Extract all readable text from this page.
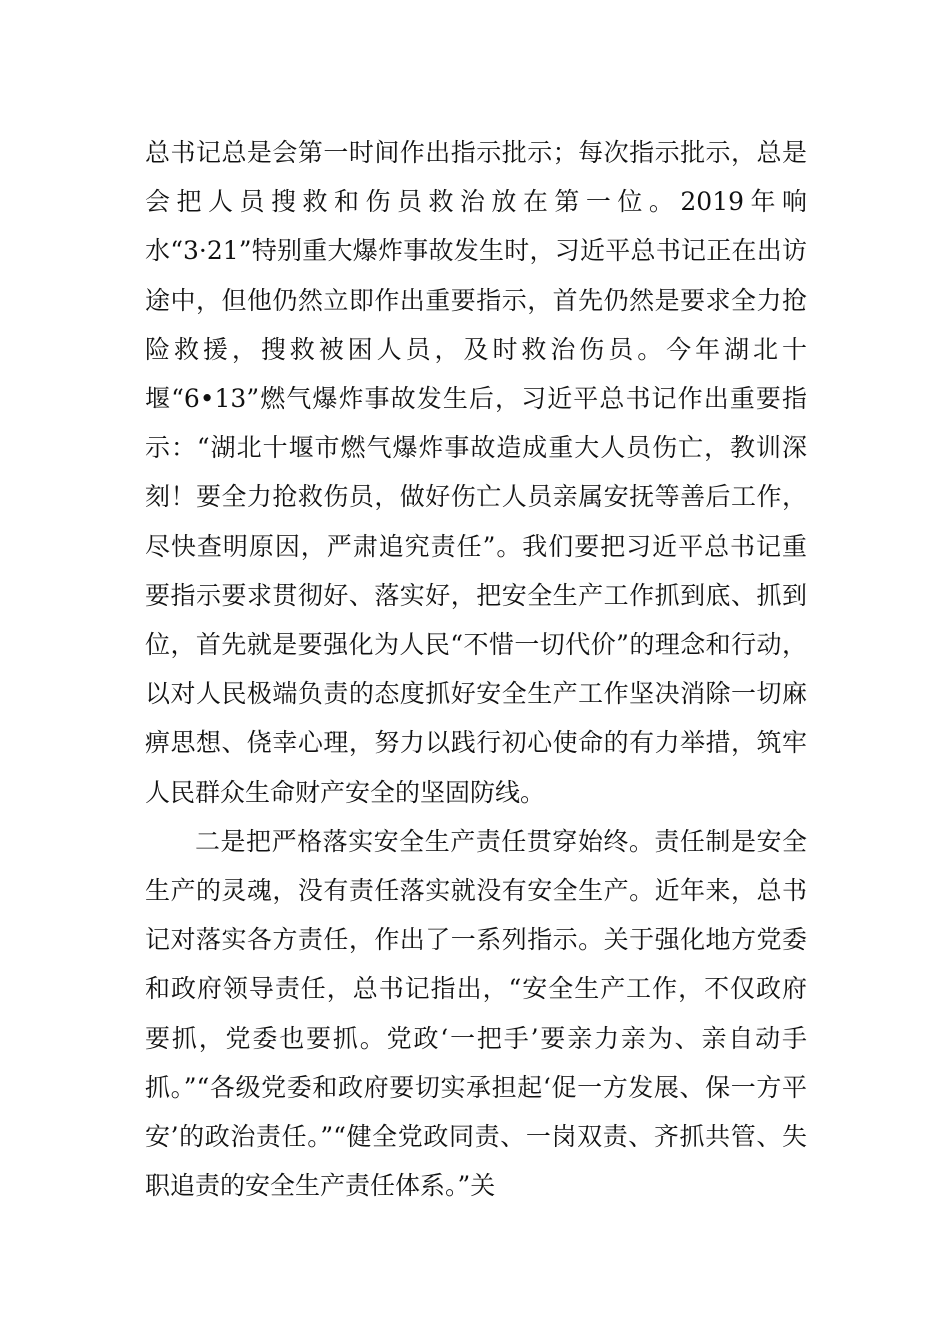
总书记总是会第一时间作出指示批示；每次指示批示，总是会把人员搜救和伤员救治放在第一位。2019年响水“3·21”特别重大爆炸事故发生时，习近平总书记正在出访途中，但他仍然立即作出重要指示，首先仍然是要求全力抢险救援，搜救被困人员，及时救治伤员。今年湖北十堰“6•13”燃气爆炸事故发生后，习近平总书记作出重要指示：“湖北十堰市燃气爆炸事故造成重大人员伤亡，教训深刻！要全力抢救伤员，做好伤亡人员亲属安抚等善后工作，尽快查明原因，严肃追究责任”。我们要把习近平总书记重要指示要求贯彻好、落实好，把安全生产工作抓到底、抓到位，首先就是要强化为人民“不惜一切代价”的理念和行动，以对人民极端负责的态度抓好安全生产工作坚决消除一切麻痹思想、侥幸心理，努力以践行初心使命的有力举措，筑牢人民群众生命财产安全的坚固防线。

二是把严格落实安全生产责任贯穿始终。责任制是安全生产的灵魂，没有责任落实就没有安全生产。近年来，总书记对落实各方责任，作出了一系列指示。关于强化地方党委和政府领导责任，总书记指出，“安全生产工作，不仅政府要抓，党委也要抓。党政‘一把手’要亲力亲为、亲自动手抓。”“各级党委和政府要切实承担起‘促一方发展、保一方平安’的政治责任。”“健全党政同责、一岗双责、齐抓共管、失职追责的安全生产责任体系。”关
